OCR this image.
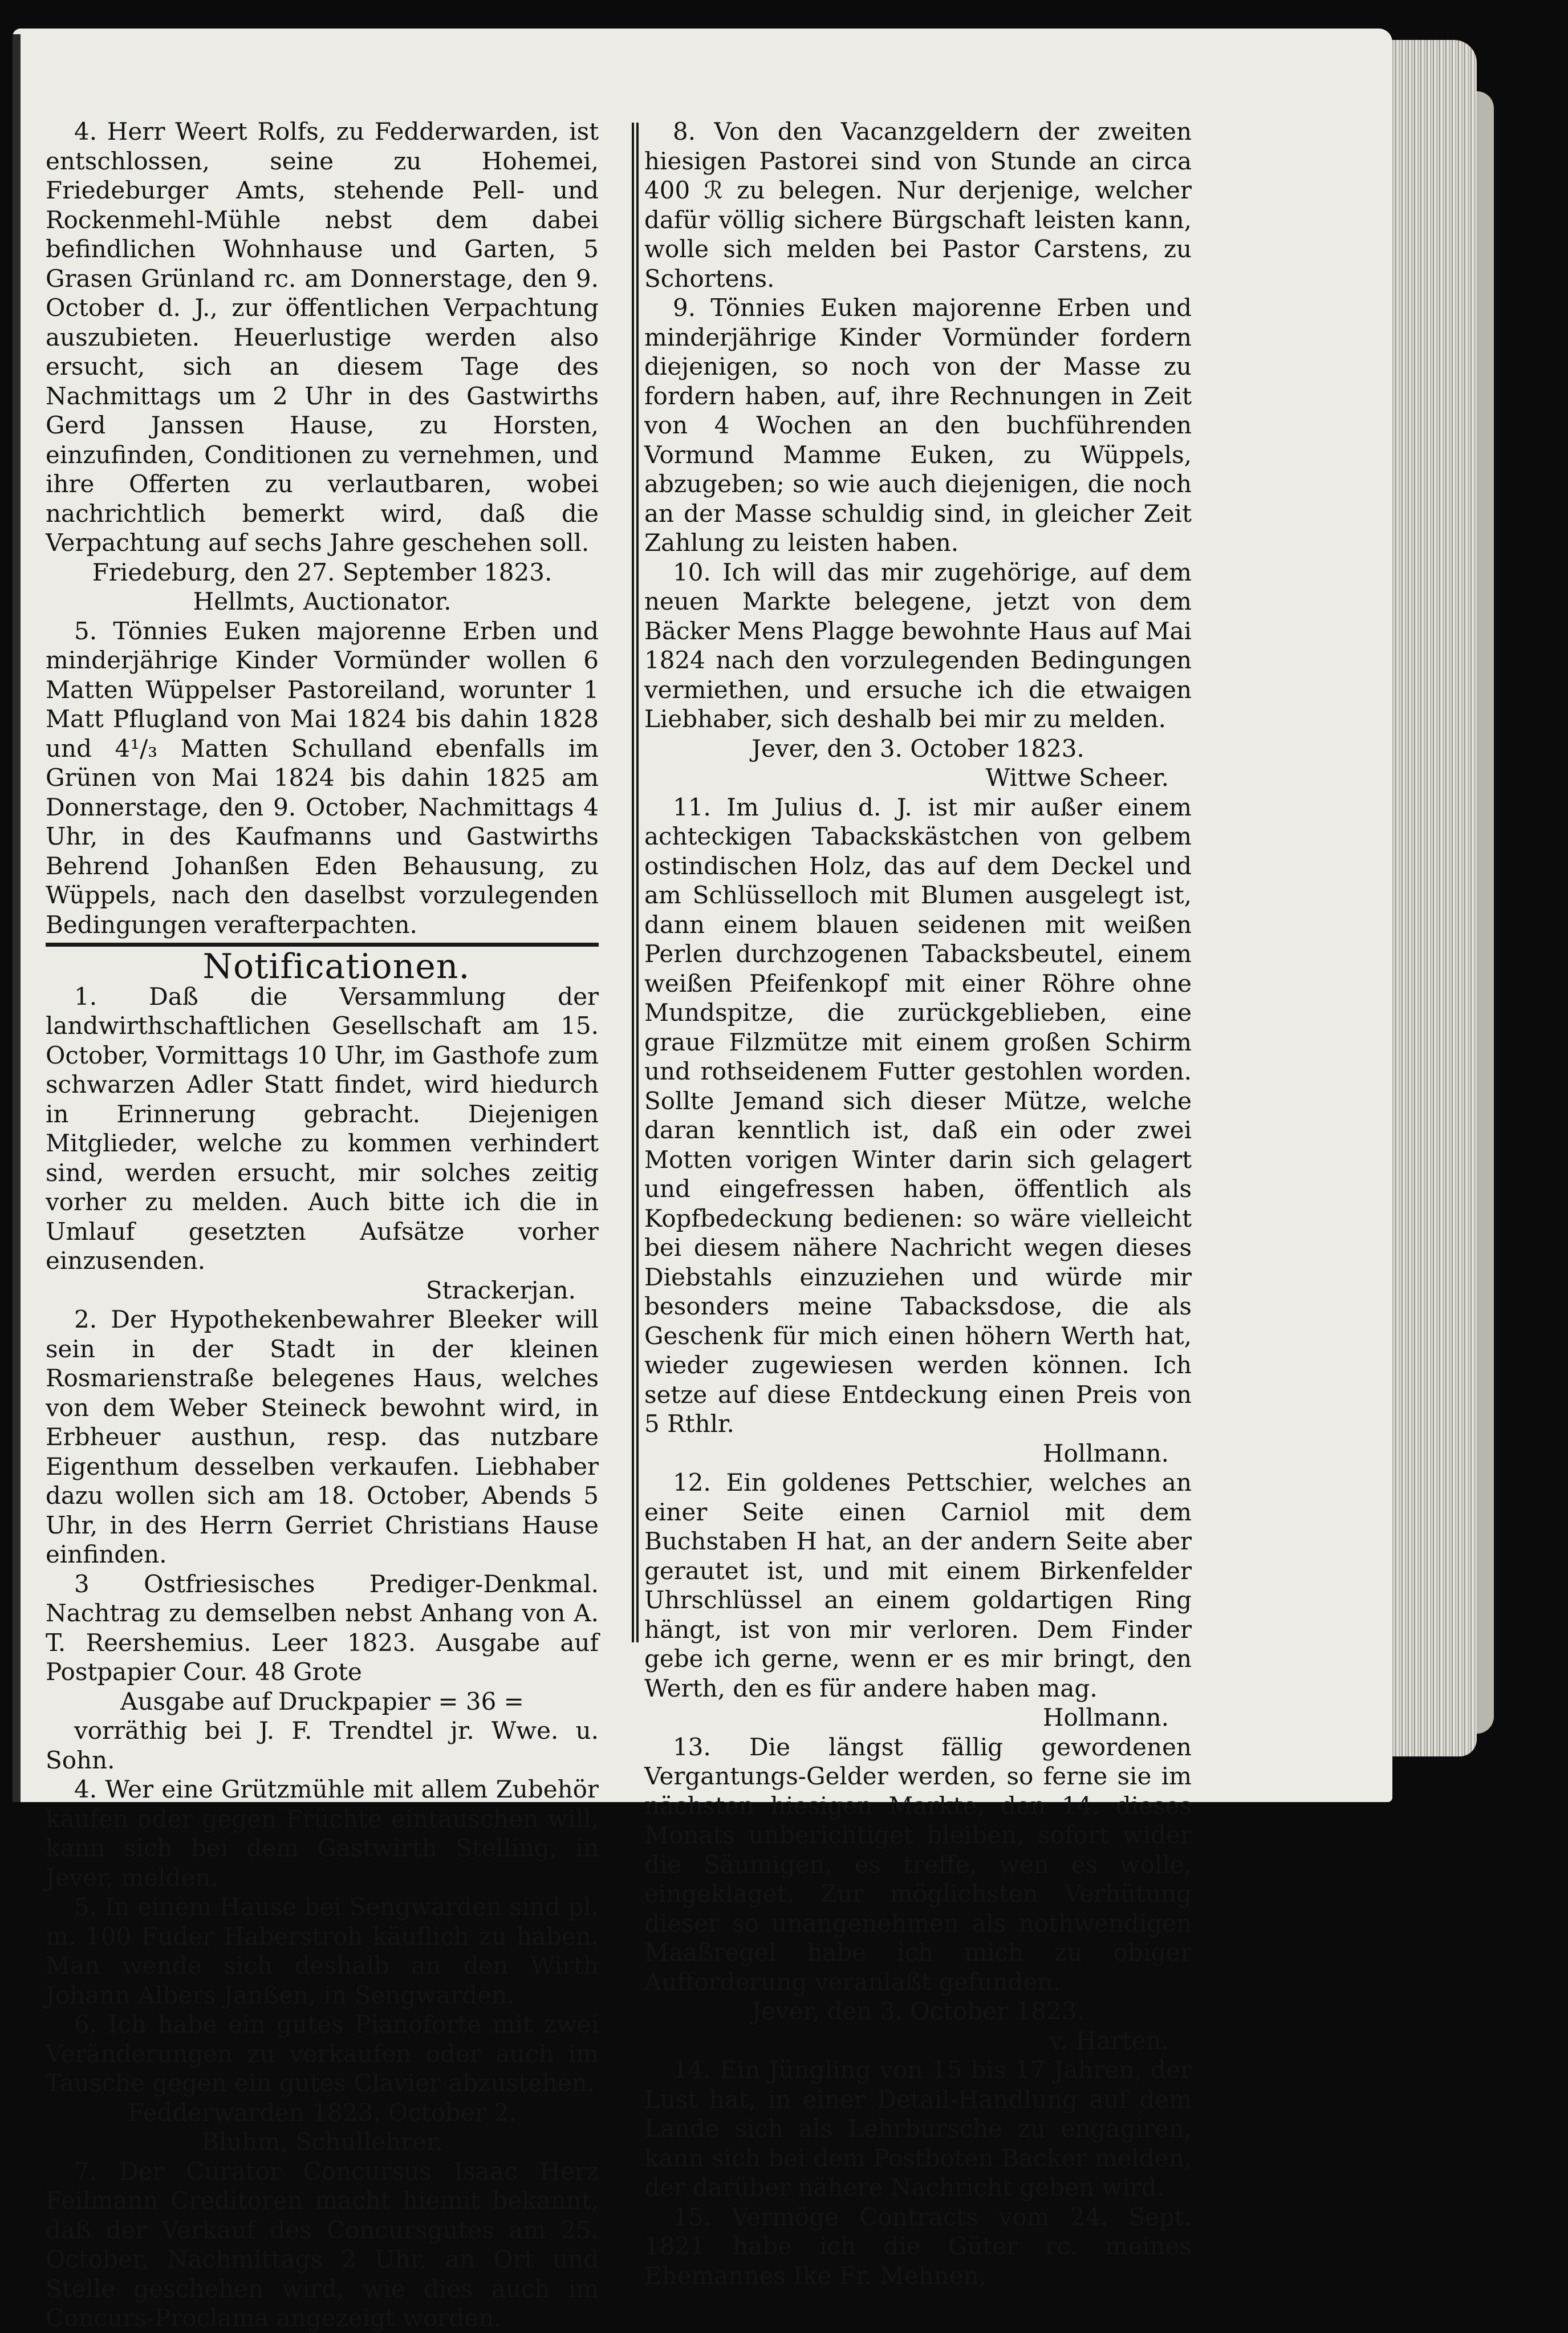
4. Herr Weert Rolfs, zu Fedderwarden, ist entschlossen, seine zu Hohemei, Friedeburger Amts, stehende Pell- und Rockenmehl-Mühle nebst dem dabei befindlichen Wohnhause und Garten, 5 Grasen Grünland rc. am Donnerstage, den 9. October d. J., zur öffentlichen Verpachtung auszubieten. Heuerlustige werden also ersucht, sich an diesem Tage des Nachmittags um 2 Uhr in des Gastwirths Gerd Janssen Hause, zu Horsten, einzufinden, Conditionen zu vernehmen, und ihre Offerten zu verlautbaren, wobei nachrichtlich bemerkt wird, daß die Verpachtung auf sechs Jahre geschehen soll.

Friedeburg, den 27. September 1823.

Hellmts, Auctionator.

5. Tönnies Euken majorenne Erben und minderjährige Kinder Vormünder wollen 6 Matten Wüppelser Pastoreiland, worunter 1 Matt Pflugland von Mai 1824 bis dahin 1828 und 4¹/₃ Matten Schulland ebenfalls im Grünen von Mai 1824 bis dahin 1825 am Donnerstage, den 9. October, Nachmittags 4 Uhr, in des Kaufmanns und Gastwirths Behrend Johanßen Eden Behausung, zu Wüppels, nach den daselbst vorzulegenden Bedingungen verafterpachten.

Notificationen.

1. Daß die Versammlung der landwirthschaftlichen Gesellschaft am 15. October, Vormittags 10 Uhr, im Gasthofe zum schwarzen Adler Statt findet, wird hiedurch in Erinnerung gebracht. Diejenigen Mitglieder, welche zu kommen verhindert sind, werden ersucht, mir solches zeitig vorher zu melden. Auch bitte ich die in Umlauf gesetzten Aufsätze vorher einzusenden.

Strackerjan.

2. Der Hypothekenbewahrer Bleeker will sein in der Stadt in der kleinen Rosmarienstraße belegenes Haus, welches von dem Weber Steineck bewohnt wird, in Erbheuer austhun, resp. das nutzbare Eigenthum desselben verkaufen. Liebhaber dazu wollen sich am 18. October, Abends 5 Uhr, in des Herrn Gerriet Christians Hause einfinden.

3 Ostfriesisches Prediger-Denkmal. Nachtrag zu demselben nebst Anhang von A. T. Reershemius. Leer 1823. Ausgabe auf Postpapier Cour. 48 Grote

Ausgabe auf Druckpapier = 36 =

vorräthig bei J. F. Trendtel jr. Wwe. u. Sohn.

4. Wer eine Grützmühle mit allem Zubehör kaufen oder gegen Früchte eintauschen will, kann sich bei dem Gastwirth Stelling, in Jever, melden.

5. In einem Hause bei Sengwarden sind pl. m. 100 Fuder Haberstroh käuflich zu haben. Man wende sich deshalb an den Wirth Johann Albers Janßen, in Sengwarden.

6. Ich habe ein gutes Pianoforte mit zwei Veränderungen zu verkaufen oder auch im Tausche gegen ein gutes Clavier abzustehen.

Fedderwarden 1823. October 2.

Bluhm, Schullehrer.

7. Der Curator Concursus Isaac Herz Feilmann Creditoren macht hiemit bekannt, daß der Verkauf des Concursgutes am 25. October, Nachmittags 2 Uhr, an Ort und Stelle geschehen wird, wie dies auch im Concurs-Proclama angezeigt worden.

8. Von den Vacanzgeldern der zweiten hiesigen Pastorei sind von Stunde an circa 400 ℛ zu belegen. Nur derjenige, welcher dafür völlig sichere Bürgschaft leisten kann, wolle sich melden bei Pastor Carstens, zu Schortens.

9. Tönnies Euken majorenne Erben und minderjährige Kinder Vormünder fordern diejenigen, so noch von der Masse zu fordern haben, auf, ihre Rechnungen in Zeit von 4 Wochen an den buchführenden Vormund Mamme Euken, zu Wüppels, abzugeben; so wie auch diejenigen, die noch an der Masse schuldig sind, in gleicher Zeit Zahlung zu leisten haben.

10. Ich will das mir zugehörige, auf dem neuen Markte belegene, jetzt von dem Bäcker Mens Plagge bewohnte Haus auf Mai 1824 nach den vorzulegenden Bedingungen vermiethen, und ersuche ich die etwaigen Liebhaber, sich deshalb bei mir zu melden.

Jever, den 3. October 1823.

Wittwe Scheer.

11. Im Julius d. J. ist mir außer einem achteckigen Tabackskästchen von gelbem ostindischen Holz, das auf dem Deckel und am Schlüsselloch mit Blumen ausgelegt ist, dann einem blauen seidenen mit weißen Perlen durchzogenen Tabacksbeutel, einem weißen Pfeifenkopf mit einer Röhre ohne Mundspitze, die zurückgeblieben, eine graue Filzmütze mit einem großen Schirm und rothseidenem Futter gestohlen worden. Sollte Jemand sich dieser Mütze, welche daran kenntlich ist, daß ein oder zwei Motten vorigen Winter darin sich gelagert und eingefressen haben, öffentlich als Kopfbedeckung bedienen: so wäre vielleicht bei diesem nähere Nachricht wegen dieses Diebstahls einzuziehen und würde mir besonders meine Tabacksdose, die als Geschenk für mich einen höhern Werth hat, wieder zugewiesen werden können. Ich setze auf diese Entdeckung einen Preis von 5 Rthlr.

Hollmann.

12. Ein goldenes Pettschier, welches an einer Seite einen Carniol mit dem Buchstaben H hat, an der andern Seite aber gerautet ist, und mit einem Birkenfelder Uhrschlüssel an einem goldartigen Ring hängt, ist von mir verloren. Dem Finder gebe ich gerne, wenn er es mir bringt, den Werth, den es für andere haben mag.

Hollmann.

13. Die längst fällig gewordenen Vergantungs-Gelder werden, so ferne sie im nächsten hiesigen Markte, den 14. dieses Monats unberichtiget bleiben, sofort wider die Säumigen, es treffe, wen es wolle, eingeklaget. Zur möglichsten Verhütung dieser so unangenehmen als nothwendigen Maaßregel habe ich mich zu obiger Aufforderung veranlaßt gefunden.

Jever, den 3. October 1823.

v. Harten.

14. Ein Jüngling von 15 bis 17 Jahren, der Lust hat, in einer Detail-Handlung auf dem Lande sich als Lehrbursche zu engagiren, kann sich bei dem Postboten Backer melden, der darüber nähere Nachricht geben wird.

15. Vermöge Contracts vom 24. Sept. 1821 habe ich die Güter rc. meines Ehemannes Ike Fr. Mehnen,
